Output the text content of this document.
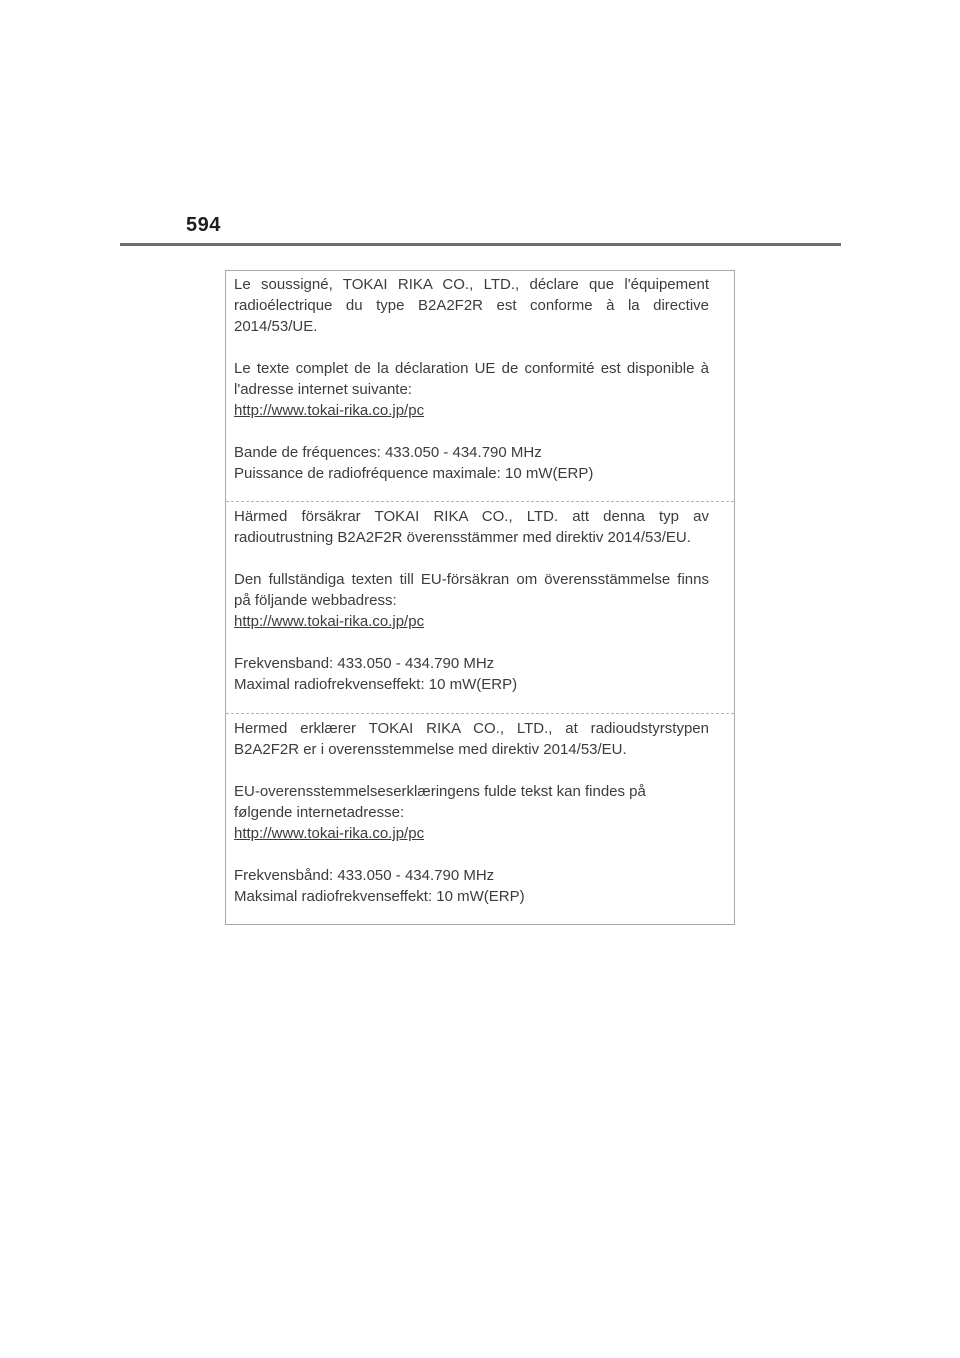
594

Le soussigné, TOKAI RIKA CO., LTD., déclare que l'équipement radioélectrique du type B2A2F2R est conforme à la directive 2014/53/UE.

Le texte complet de la déclaration UE de conformité est disponible à l'adresse internet suivante:

http://www.tokai-rika.co.jp/pc

Bande de fréquences: 433.050 - 434.790 MHz

Puissance de radiofréquence maximale: 10 mW(ERP)

Härmed försäkrar TOKAI RIKA CO., LTD. att denna typ av radioutrustning B2A2F2R överensstämmer med direktiv 2014/53/EU.

Den fullständiga texten till EU-försäkran om överensstämmelse finns på följande webbadress:

http://www.tokai-rika.co.jp/pc

Frekvensband: 433.050 - 434.790 MHz

Maximal radiofrekvenseffekt: 10 mW(ERP)

Hermed erklærer TOKAI RIKA CO., LTD., at radioudstyrstypen B2A2F2R er i overensstemmelse med direktiv 2014/53/EU.

EU-overensstemmelseserklæringens fulde tekst kan findes på

følgende internetadresse:

http://www.tokai-rika.co.jp/pc

Frekvensbånd: 433.050 - 434.790 MHz

Maksimal radiofrekvenseffekt: 10 mW(ERP)
